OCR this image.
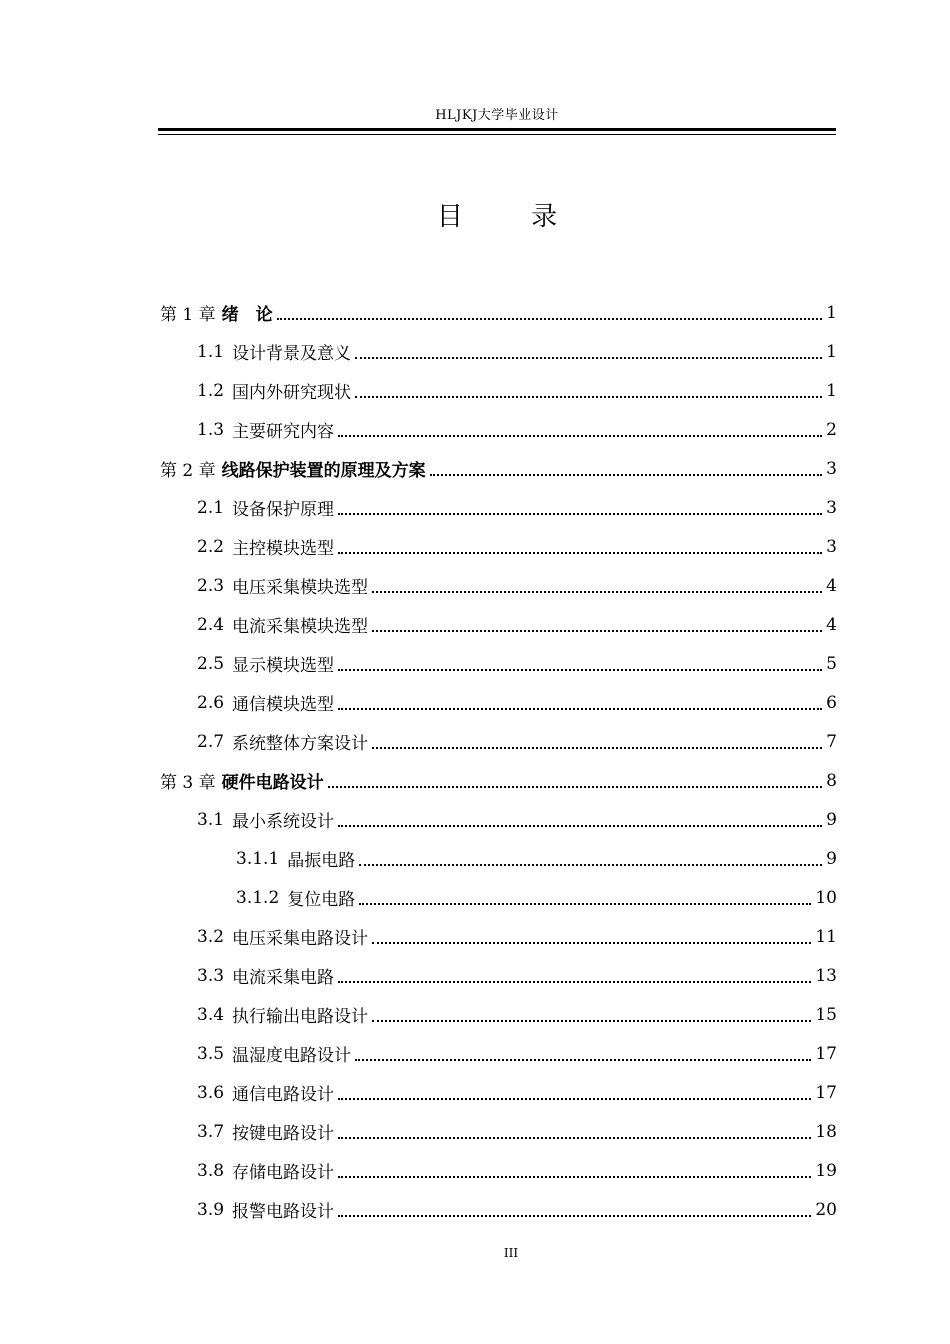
HLJKJ大学毕业设计
目 录
第 1 章 绪　论	1
1.1 设计背景及意义	1
1.2 国内外研究现状	1
1.3 主要研究内容	2
第 2 章 线路保护装置的原理及方案	3
2.1 设备保护原理	3
2.2 主控模块选型	3
2.3 电压采集模块选型	4
2.4 电流采集模块选型	4
2.5 显示模块选型	5
2.6 通信模块选型	6
2.7 系统整体方案设计	7
第 3 章 硬件电路设计	8
3.1 最小系统设计	9
3.1.1 晶振电路	9
3.1.2 复位电路	10
3.2 电压采集电路设计	11
3.3 电流采集电路	13
3.4 执行输出电路设计	15
3.5 温湿度电路设计	17
3.6 通信电路设计	17
3.7 按键电路设计	18
3.8 存储电路设计	19
3.9 报警电路设计	20
III
